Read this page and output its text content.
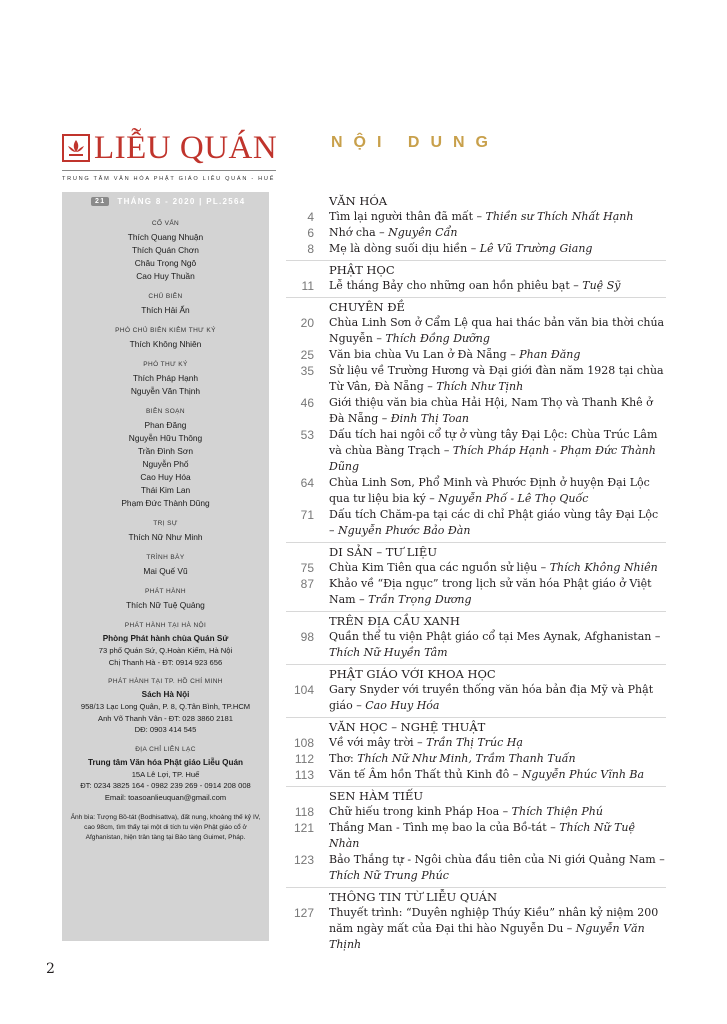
LIỄU QUÁN
TRUNG TÂM VĂN HÓA PHẬT GIÁO LIỄU QUÁN - HUẾ
21	THÁNG 8 - 2020 | PL.2564
CỐ VẤN
Thích Quang Nhuận
Thích Quán Chơn
Châu Trọng Ngô
Cao Huy Thuần
CHỦ BIÊN
Thích Hải Ấn
PHÓ CHỦ BIÊN KIÊM THƯ KÝ
Thích Không Nhiên
PHÓ THƯ KÝ
Thích Pháp Hạnh
Nguyễn Văn Thịnh
BIÊN SOẠN
Phan Đăng
Nguyễn Hữu Thông
Trần Đình Sơn
Nguyễn Phố
Cao Huy Hóa
Thái Kim Lan
Phạm Đức Thành Dũng
TRỊ SỰ
Thích Nữ Như Minh
TRÌNH BÀY
Mai Quế Vũ
PHÁT HÀNH
Thích Nữ Tuệ Quảng
PHÁT HÀNH TẠI HÀ NỘI
Phòng Phát hành chùa Quán Sứ
73 phố Quán Sứ, Q.Hoàn Kiếm, Hà Nội
Chị Thanh Hà - ĐT: 0914 923 656
PHÁT HÀNH TẠI TP. HỒ CHÍ MINH
Sách Hà Nội
958/13 Lạc Long Quân, P. 8, Q.Tân Bình, TP.HCM
Anh Võ Thanh Vân - ĐT: 028 3860 2181
DĐ: 0903 414 545
ĐỊA CHỈ LIÊN LẠC
Trung tâm Văn hóa Phật giáo Liễu Quán
15A Lê Lợi, TP. Huế
ĐT: 0234 3825 164 - 0982 239 269 - 0914 208 008
Email: toasoanlieuquan@gmail.com
Ảnh bìa: Tượng Bồ-tát (Bodhisattva), đất nung, khoảng thế kỷ IV, cao 98cm, tìm thấy tại một di tích tu viện Phật giáo cổ ở Afghanistan, hiện trân tàng tại Bảo tàng Guimet, Pháp.
NỘI DUNG
VĂN HÓA
4 Tìm lại người thân đã mất – Thiền sư Thích Nhất Hạnh
6 Nhớ cha – Nguyên Cẩn
8 Mẹ là dòng suối dịu hiền – Lê Vũ Trường Giang
PHẬT HỌC
11 Lễ tháng Bảy cho những oan hồn phiêu bạt – Tuệ Sỹ
CHUYÊN ĐỀ
20 Chùa Linh Sơn ở Cẩm Lệ qua hai thác bản văn bia thời chúa Nguyễn – Thích Đồng Dưỡng
25 Văn bia chùa Vu Lan ở Đà Nẵng – Phan Đăng
35 Sử liệu về Trường Hương và Đại giới đàn năm 1928 tại chùa Từ Vân, Đà Nẵng – Thích Như Tịnh
46 Giới thiệu văn bia chùa Hải Hội, Nam Thọ và Thanh Khê ở Đà Nẵng – Đinh Thị Toan
53 Dấu tích hai ngôi cổ tự ở vùng tây Đại Lộc: Chùa Trúc Lâm và chùa Bàng Trạch – Thích Pháp Hạnh - Phạm Đức Thành Dũng
64 Chùa Linh Sơn, Phổ Minh và Phước Định ở huyện Đại Lộc qua tư liệu bia ký – Nguyễn Phố - Lê Thọ Quốc
71 Dấu tích Chăm-pa tại các di chỉ Phật giáo vùng tây Đại Lộc – Nguyễn Phước Bảo Đàn
DI SẢN – TƯ LIỆU
75 Chùa Kim Tiên qua các nguồn sử liệu – Thích Không Nhiên
87 Khảo về “Địa ngục” trong lịch sử văn hóa Phật giáo ở Việt Nam – Trần Trọng Dương
TRÊN ĐỊA CẦU XANH
98 Quần thể tu viện Phật giáo cổ tại Mes Aynak, Afghanistan – Thích Nữ Huyền Tâm
PHẬT GIÁO VỚI KHOA HỌC
104 Gary Snyder với truyền thống văn hóa bản địa Mỹ và Phật giáo – Cao Huy Hóa
VĂN HỌC – NGHỆ THUẬT
108 Về với mây trời – Trần Thị Trúc Hạ
112 Thơ: Thích Nữ Như Minh, Trầm Thanh Tuấn
113 Văn tế Âm hồn Thất thủ Kinh đô – Nguyễn Phúc Vĩnh Ba
SEN HÀM TIẾU
118 Chữ hiếu trong kinh Pháp Hoa – Thích Thiện Phú
121 Thắng Man - Tình mẹ bao la của Bồ-tát – Thích Nữ Tuệ Nhàn
123 Bảo Thắng tự - Ngôi chùa đầu tiên của Ni giới Quảng Nam – Thích Nữ Trung Phúc
THÔNG TIN TỪ LIỄU QUÁN
127 Thuyết trình: “Duyên nghiệp Thúy Kiều” nhân kỷ niệm 200 năm ngày mất của Đại thi hào Nguyễn Du – Nguyễn Văn Thịnh
2
